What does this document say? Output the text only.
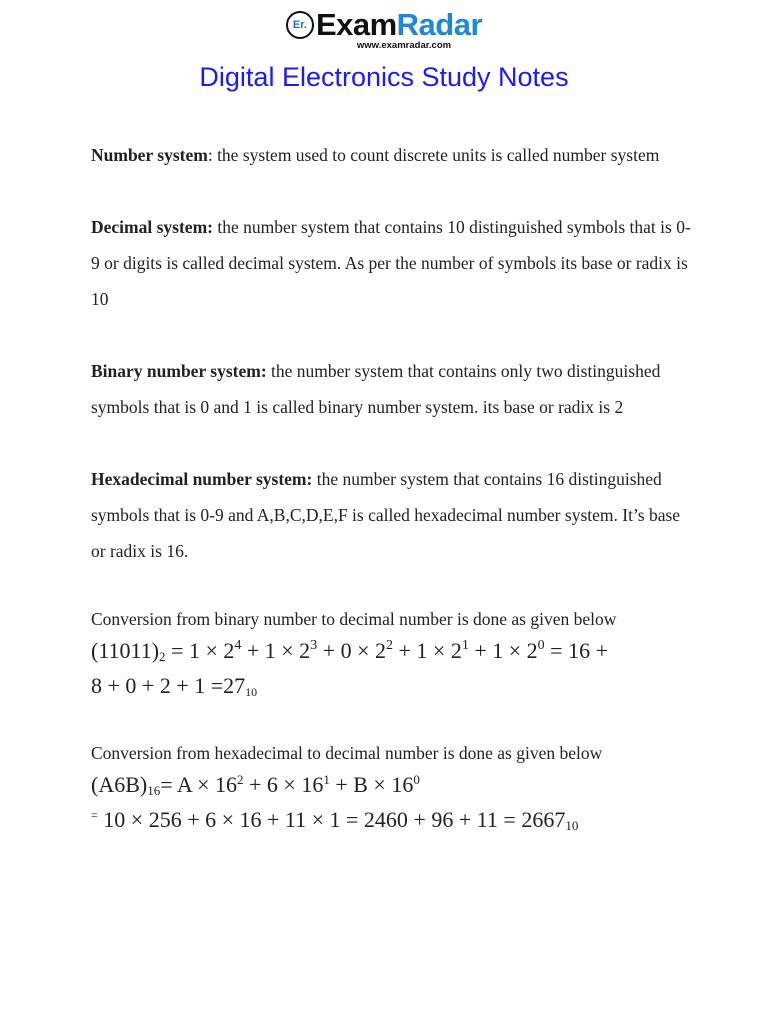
Er. ExamRadar
www.examradar.com
Digital Electronics Study Notes

Number system: the system used to count discrete units is called number system

Decimal system: the number system that contains 10 distinguished symbols that is 0-9 or digits is called decimal system. As per the number of symbols its base or radix is 10

Binary number system: the number system that contains only two distinguished symbols that is 0 and 1 is called binary number system. its base or radix is 2

Hexadecimal number system: the number system that contains 16 distinguished symbols that is 0-9 and A,B,C,D,E,F is called hexadecimal number system. It’s base or radix is 16.

Conversion from binary number to decimal number is done as given below

$(11011)_2 = 1 \times 2^4 + 1 \times 2^3 + 0 \times 2^2 + 1 \times 2^1 + 1 \times 2^0 = 16$ +

8 + 0 + 2 + 1 =2710

Conversion from hexadecimal to decimal number is done as given below

$(A6B)_{16}= A \times 16^2 + 6 \times 16^1 + B \times 16^0$

= $10 \times 256 + 6 \times 16 + 11 \times 1 = 2460 + 96 + 11 = 2667_{10}$
